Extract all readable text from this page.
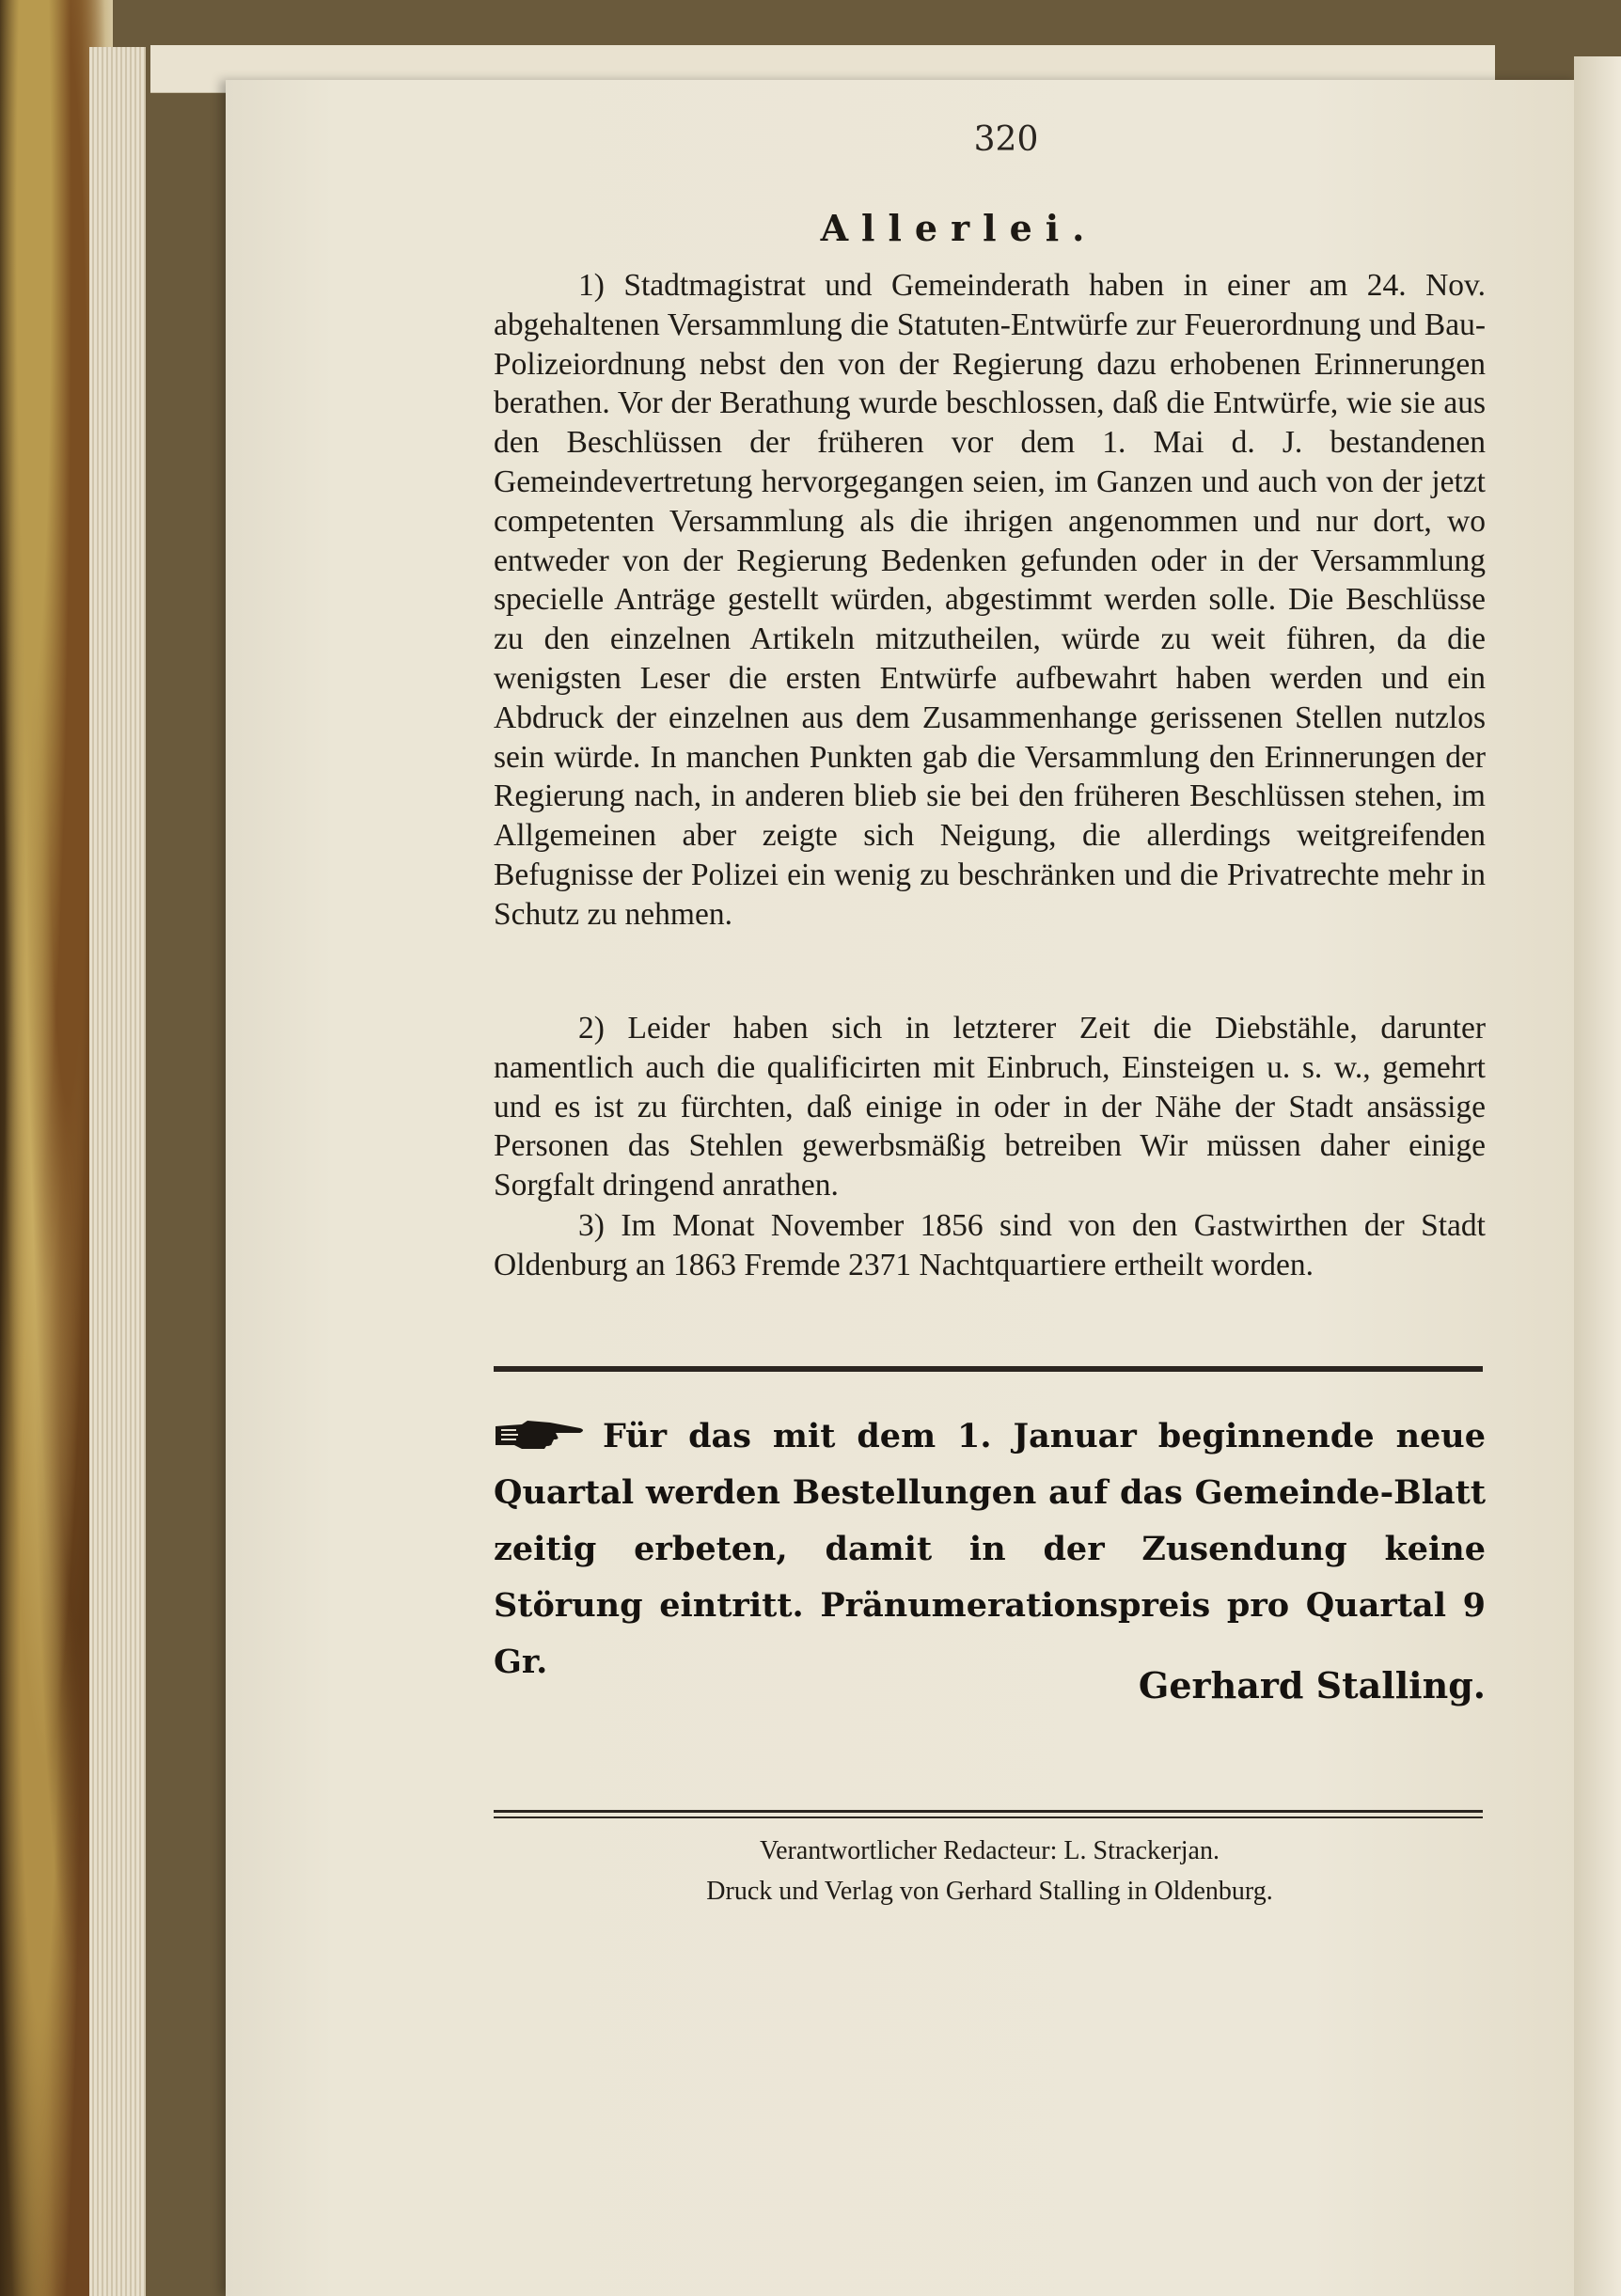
320
Allerlei.

1) Stadtmagistrat und Gemeinderath haben in einer am 24. Nov. abgehaltenen Versammlung die Statuten-Entwürfe zur Feuerordnung und Bau-Polizeiordnung nebst den von der Regierung dazu erhobenen Erinnerungen berathen. Vor der Berathung wurde beschlossen, daß die Entwürfe, wie sie aus den Beschlüssen der früheren vor dem 1. Mai d. J. bestandenen Gemeindevertretung hervorgegangen seien, im Ganzen und auch von der jetzt competenten Versammlung als die ihrigen angenommen und nur dort, wo entweder von der Regierung Bedenken gefunden oder in der Versammlung specielle Anträge gestellt würden, abgestimmt werden solle. Die Beschlüsse zu den einzelnen Artikeln mitzutheilen, würde zu weit führen, da die wenigsten Leser die ersten Entwürfe aufbewahrt haben werden und ein Abdruck der einzelnen aus dem Zusammenhange gerissenen Stellen nutzlos sein würde. In manchen Punkten gab die Versammlung den Erinnerungen der Regierung nach, in anderen blieb sie bei den früheren Beschlüssen stehen, im Allgemeinen aber zeigte sich Neigung, die allerdings weitgreifenden Befugnisse der Polizei ein wenig zu beschränken und die Privatrechte mehr in Schutz zu nehmen.

2) Leider haben sich in letzterer Zeit die Diebstähle, darunter namentlich auch die qualificirten mit Einbruch, Einsteigen u. s. w., gemehrt und es ist zu fürchten, daß einige in oder in der Nähe der Stadt ansässige Personen das Stehlen gewerbsmäßig betreiben Wir müssen daher einige Sorgfalt dringend anrathen.

3) Im Monat November 1856 sind von den Gastwirthen der Stadt Oldenburg an 1863 Fremde 2371 Nachtquartiere ertheilt worden.

Für das mit dem 1. Januar beginnende neue Quartal werden Bestellungen auf das Gemeinde-Blatt zeitig erbeten, damit in der Zusendung keine Störung eintritt. Pränumerationspreis pro Quartal 9 Gr.

Gerhard Stalling.
Verantwortlicher Redacteur: L. Strackerjan.
Druck und Verlag von Gerhard Stalling in Oldenburg.
